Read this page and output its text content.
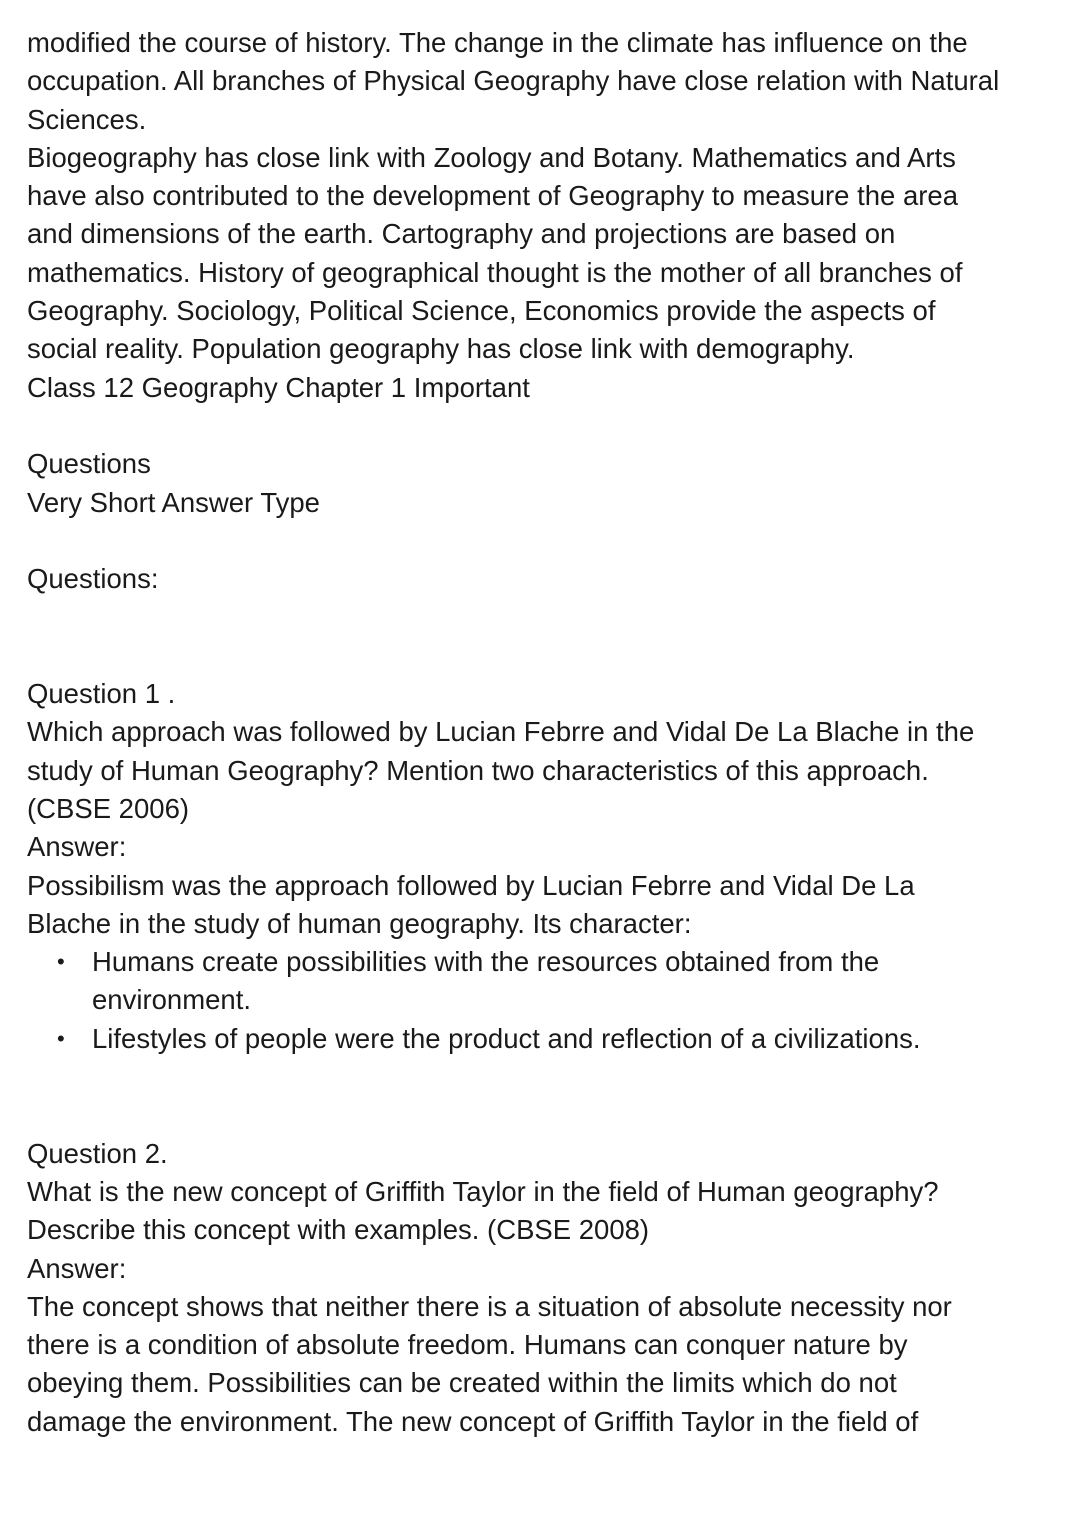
modified the course of history. The change in the climate has influence on the
occupation. All branches of Physical Geography have close relation with Natural
Sciences.
Biogeography has close link with Zoology and Botany. Mathematics and Arts
have also contributed to the development of Geography to measure the area
and dimensions of the earth. Cartography and projections are based on
mathematics. History of geographical thought is the mother of all branches of
Geography. Sociology, Political Science, Economics provide the aspects of
social reality. Population geography has close link with demography.
Class 12 Geography Chapter 1 Important
Questions
Very Short Answer Type
Questions:
Question 1 .
Which approach was followed by Lucian Febrre and Vidal De La Blache in the
study of Human Geography? Mention two characteristics of this approach.
(CBSE 2006)
Answer:
Possibilism was the approach followed by Lucian Febrre and Vidal De La
Blache in the study of human geography. Its character:
• Humans create possibilities with the resources obtained from the
environment.
• Lifestyles of people were the product and reflection of a civilizations.
Question 2.
What is the new concept of Griffith Taylor in the field of Human geography?
Describe this concept with examples. (CBSE 2008)
Answer:
The concept shows that neither there is a situation of absolute necessity nor
there is a condition of absolute freedom. Humans can conquer nature by
obeying them. Possibilities can be created within the limits which do not
damage the environment. The new concept of Griffith Taylor in the field of
